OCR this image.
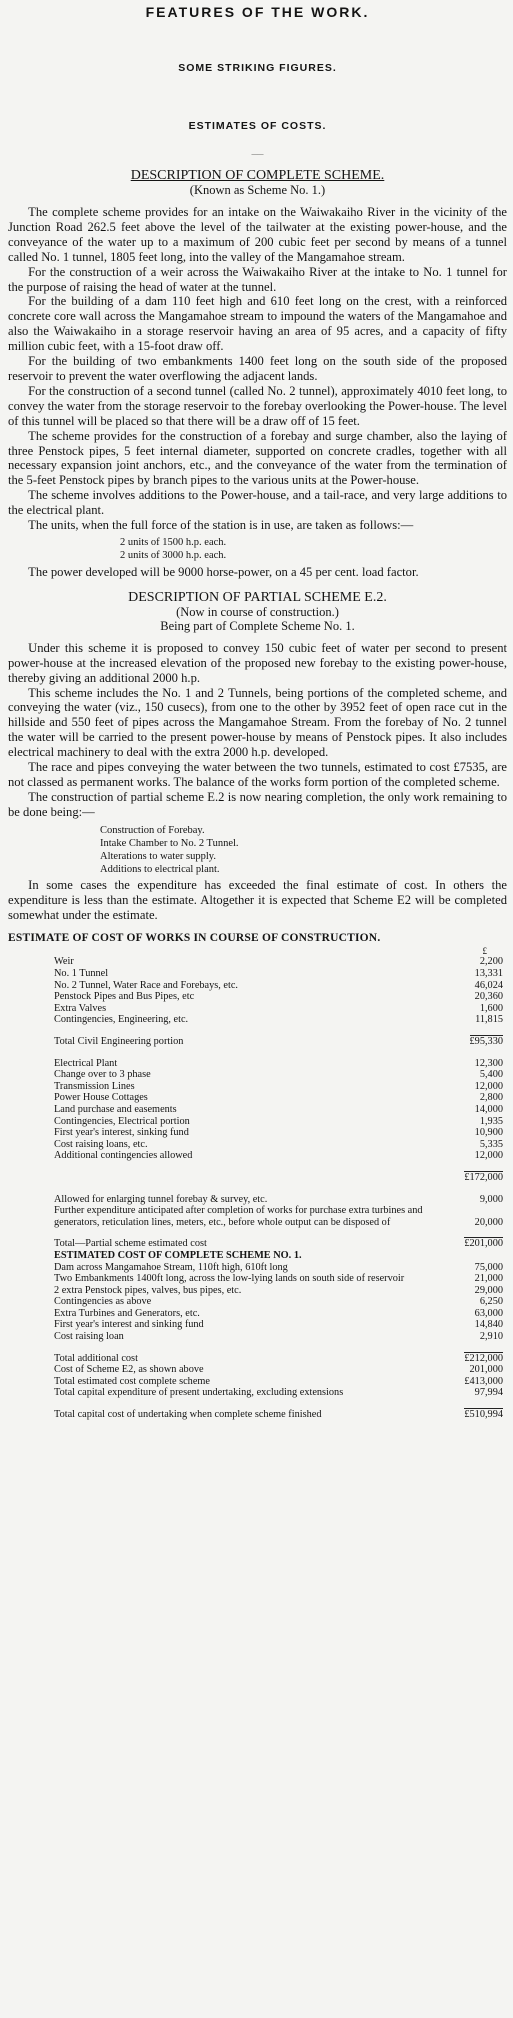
FEATURES OF THE WORK.
SOME STRIKING FIGURES.
ESTIMATES OF COSTS.
——
DESCRIPTION OF COMPLETE SCHEME.
(Known as Scheme No. 1.)

The complete scheme provides for an intake on the Waiwakaiho River in the vicinity of the Junction Road 262.5 feet above the level of the tailwater at the existing power-house, and the conveyance of the water up to a maximum of 200 cubic feet per second by means of a tunnel called No. 1 tunnel, 1805 feet long, into the valley of the Mangamahoe stream.

For the construction of a weir across the Waiwakaiho River at the intake to No. 1 tunnel for the purpose of raising the head of water at the tunnel.

For the building of a dam 110 feet high and 610 feet long on the crest, with a reinforced concrete core wall across the Mangamahoe stream to impound the waters of the Mangamahoe and also the Waiwakaiho in a storage reservoir having an area of 95 acres, and a capacity of fifty million cubic feet, with a 15-foot draw off.

For the building of two embankments 1400 feet long on the south side of the proposed reservoir to prevent the water overflowing the adjacent lands.

For the construction of a second tunnel (called No. 2 tunnel), approximately 4010 feet long, to convey the water from the storage reservoir to the forebay overlooking the Power-house. The level of this tunnel will be placed so that there will be a draw off of 15 feet.

The scheme provides for the construction of a forebay and surge chamber, also the laying of three Penstock pipes, 5 feet internal diameter, supported on concrete cradles, together with all necessary expansion joint anchors, etc., and the conveyance of the water from the termination of the 5-feet Penstock pipes by branch pipes to the various units at the Power-house.

The scheme involves additions to the Power-house, and a tail-race, and very large additions to the electrical plant.

The units, when the full force of the station is in use, are taken as follows:—

2 units of 1500 h.p. each.
2 units of 3000 h.p. each.

The power developed will be 9000 horse-power, on a 45 per cent. load factor.

DESCRIPTION OF PARTIAL SCHEME E.2.
(Now in course of construction.)
Being part of Complete Scheme No. 1.

Under this scheme it is proposed to convey 150 cubic feet of water per second to present power-house at the increased elevation of the proposed new forebay to the existing power-house, thereby giving an additional 2000 h.p.

This scheme includes the No. 1 and 2 Tunnels, being portions of the completed scheme, and conveying the water (viz., 150 cusecs), from one to the other by 3952 feet of open race cut in the hillside and 550 feet of pipes across the Mangamahoe Stream. From the forebay of No. 2 tunnel the water will be carried to the present power-house by means of Penstock pipes. It also includes electrical machinery to deal with the extra 2000 h.p. developed.

The race and pipes conveying the water between the two tunnels, estimated to cost £7535, are not classed as permanent works. The balance of the works form portion of the completed scheme.

The construction of partial scheme E.2 is now nearing completion, the only work remaining to be done being:—

Construction of Forebay.
Intake Chamber to No. 2 Tunnel.
Alterations to water supply.
Additions to electrical plant.

In some cases the expenditure has exceeded the final estimate of cost. In others the expenditure is less than the estimate. Altogether it is expected that Scheme E2 will be completed somewhat under the estimate.

ESTIMATE OF COST OF WORKS IN COURSE OF CONSTRUCTION.
£
Weir	2,200
No. 1 Tunnel	13,331
No. 2 Tunnel, Water Race and Forebays, etc.	46,024
Penstock Pipes and Bus Pipes, etc	20,360
Extra Valves	1,600
Contingencies, Engineering, etc.	11,815
Total Civil Engineering portion	£95,330
Electrical Plant	12,300
Change over to 3 phase	5,400
Transmission Lines	12,000
Power House Cottages	2,800
Land purchase and easements	14,000
Contingencies, Electrical portion	1,935
First year's interest, sinking fund	10,900
Cost raising loans, etc.	5,335
Additional contingencies allowed	12,000
	£172,000
Allowed for enlarging tunnel forebay & survey, etc.	9,000
Further expenditure anticipated after completion of works for purchase extra turbines and generators, reticulation lines, meters, etc., before whole output can be disposed of	20,000
Total—Partial scheme estimated cost	£201,000
ESTIMATED COST OF COMPLETE SCHEME NO. 1.	
Dam across Mangamahoe Stream, 110ft high, 610ft long	75,000
Two Embankments 1400ft long, across the low-lying lands on south side of reservoir	21,000
2 extra Penstock pipes, valves, bus pipes, etc.	29,000
Contingencies as above	6,250
Extra Turbines and Generators, etc.	63,000
First year's interest and sinking fund	14,840
Cost raising loan	2,910
Total additional cost	£212,000
Cost of Scheme E2, as shown above	201,000
Total estimated cost complete scheme	£413,000
Total capital expenditure of present undertaking, excluding extensions	97,994
Total capital cost of undertaking when complete scheme finished	£510,994
